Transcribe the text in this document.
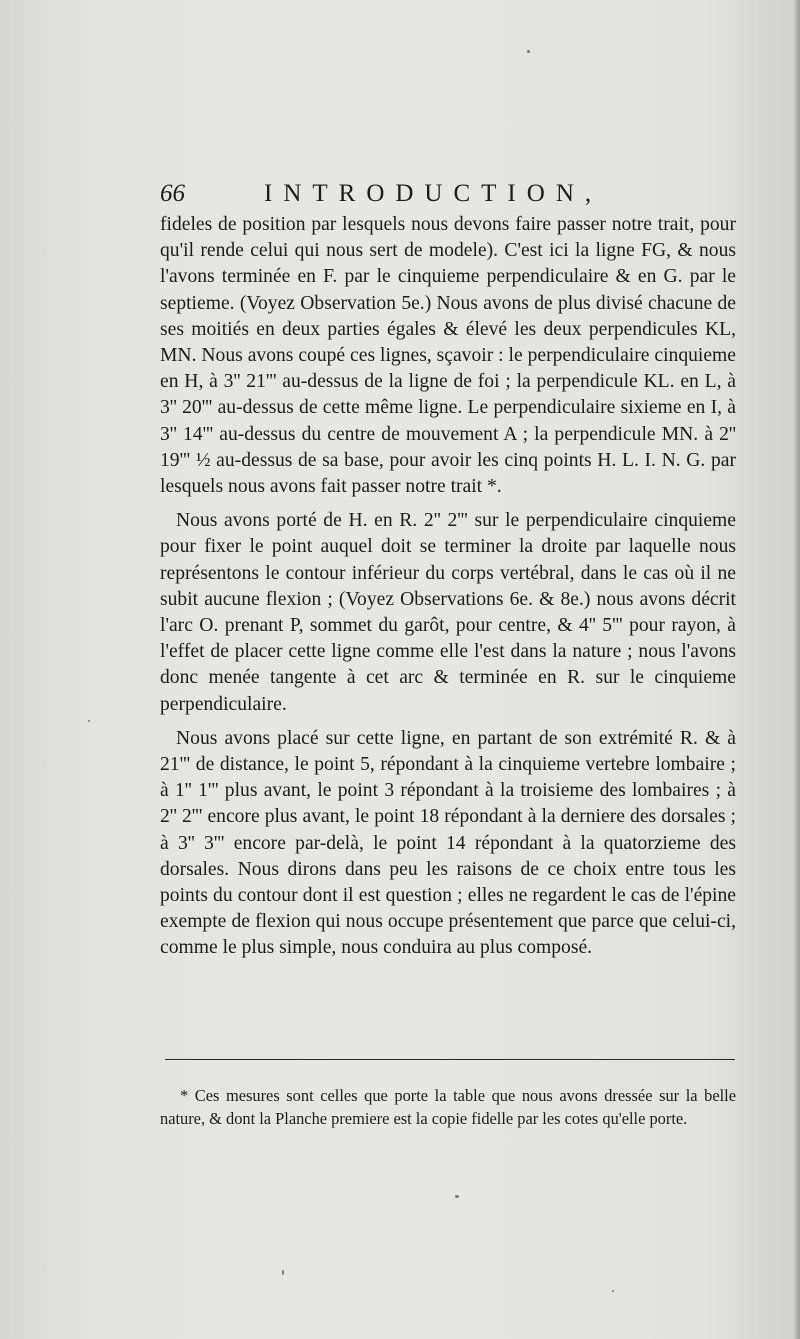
66	INTRODUCTION,

fideles de position par lesquels nous devons faire passer notre trait, pour qu'il rende celui qui nous sert de modele). C'est ici la ligne FG, & nous l'avons terminée en F. par le cinquieme perpendiculaire & en G. par le septieme. (Voyez Observation 5e.) Nous avons de plus divisé chacune de ses moitiés en deux parties égales & élevé les deux perpendicules KL, MN. Nous avons coupé ces lignes, sçavoir : le perpendiculaire cinquieme en H, à 3'' 21''' au-dessus de la ligne de foi ; la perpendicule KL. en L, à 3'' 20''' au-dessus de cette même ligne. Le perpendiculaire sixieme en I, à 3'' 14''' au-dessus du centre de mouvement A ; la perpendicule MN. à 2'' 19''' ½ au-dessus de sa base, pour avoir les cinq points H. L. I. N. G. par lesquels nous avons fait passer notre trait *.

Nous avons porté de H. en R. 2'' 2''' sur le perpendiculaire cinquieme pour fixer le point auquel doit se terminer la droite par laquelle nous représentons le contour inférieur du corps vertébral, dans le cas où il ne subit aucune flexion ; (Voyez Observations 6e. & 8e.) nous avons décrit l'arc O. prenant P, sommet du garôt, pour centre, & 4'' 5''' pour rayon, à l'effet de placer cette ligne comme elle l'est dans la nature ; nous l'avons donc menée tangente à cet arc & terminée en R. sur le cinquieme perpendiculaire.

Nous avons placé sur cette ligne, en partant de son extrémité R. & à 21''' de distance, le point 5, répondant à la cinquieme vertebre lombaire ; à 1'' 1''' plus avant, le point 3 répondant à la troisieme des lombaires ; à 2'' 2''' encore plus avant, le point 18 répondant à la derniere des dorsales ; à 3'' 3''' encore par-delà, le point 14 répondant à la quatorzieme des dorsales. Nous dirons dans peu les raisons de ce choix entre tous les points du contour dont il est question ; elles ne regardent le cas de l'épine exempte de flexion qui nous occupe présentement que parce que celui-ci, comme le plus simple, nous conduira au plus composé.

* Ces mesures sont celles que porte la table que nous avons dressée sur la belle nature, & dont la Planche premiere est la copie fidelle par les cotes qu'elle porte.
